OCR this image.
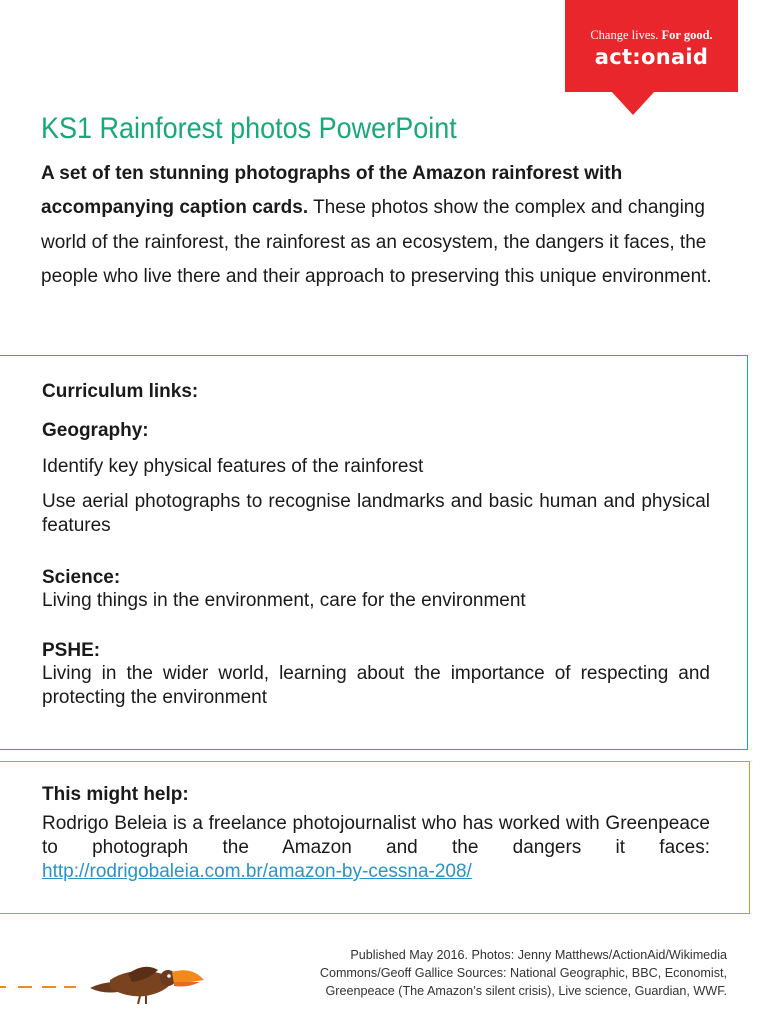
Change lives. For good.
act:onaid
KS1 Rainforest photos PowerPoint

A set of ten stunning photographs of the Amazon rainforest with accompanying caption cards. These photos show the complex and changing world of the rainforest, the rainforest as an ecosystem, the dangers it faces, the people who live there and their approach to preserving this unique environment.

Curriculum links:

Geography:

Identify key physical features of the rainforest

Use aerial photographs to recognise landmarks and basic human and physical features

Science:

Living things in the environment, care for the environment

PSHE:

Living in the wider world, learning about the importance of respecting and protecting the environment

This might help:

Rodrigo Beleia is a freelance photojournalist who has worked with Greenpeace to photograph the Amazon and the dangers it faces: http://rodrigobaleia.com.br/amazon-by-cessna-208/

Published May 2016. Photos: Jenny Matthews/ActionAid/Wikimedia Commons/Geoff Gallice Sources: National Geographic, BBC, Economist, Greenpeace (The Amazon’s silent crisis), Live science, Guardian, WWF.
